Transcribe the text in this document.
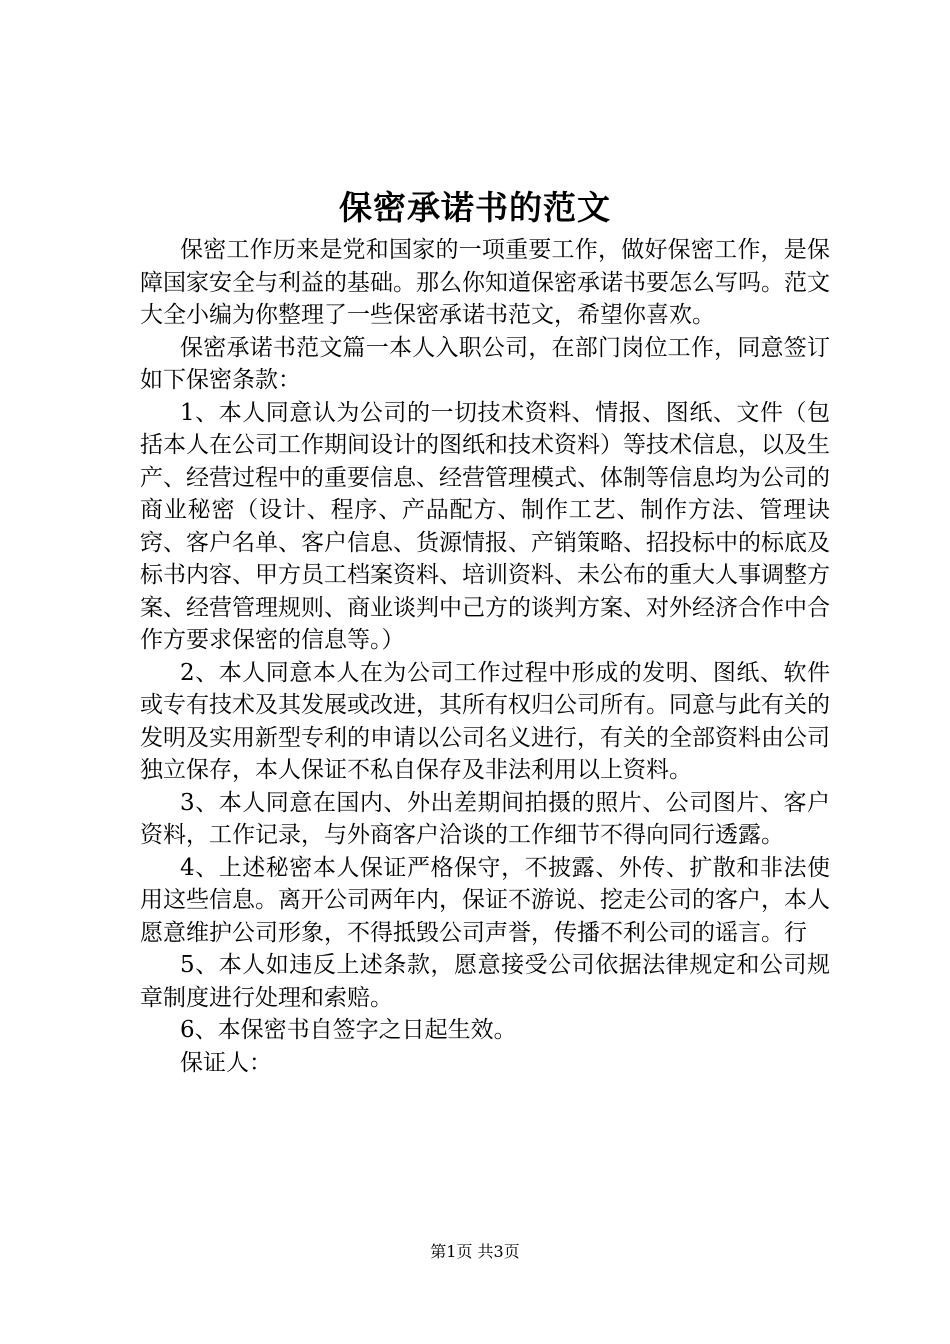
保密承诺书的范文

保密工作历来是党和国家的一项重要工作，做好保密工作，是保障国家安全与利益的基础。那么你知道保密承诺书要怎么写吗。范文大全小编为你整理了一些保密承诺书范文，希望你喜欢。

保密承诺书范文篇一本人入职公司，在部门岗位工作，同意签订如下保密条款：

1、本人同意认为公司的一切技术资料、情报、图纸、文件（包括本人在公司工作期间设计的图纸和技术资料）等技术信息，以及生产、经营过程中的重要信息、经营管理模式、体制等信息均为公司的商业秘密（设计、程序、产品配方、制作工艺、制作方法、管理诀窍、客户名单、客户信息、货源情报、产销策略、招投标中的标底及标书内容、甲方员工档案资料、培训资料、未公布的重大人事调整方案、经营管理规则、商业谈判中己方的谈判方案、对外经济合作中合作方要求保密的信息等。）

2、本人同意本人在为公司工作过程中形成的发明、图纸、软件或专有技术及其发展或改进，其所有权归公司所有。同意与此有关的发明及实用新型专利的申请以公司名义进行，有关的全部资料由公司独立保存，本人保证不私自保存及非法利用以上资料。

3、本人同意在国内、外出差期间拍摄的照片、公司图片、客户资料，工作记录，与外商客户洽谈的工作细节不得向同行透露。

4、上述秘密本人保证严格保守，不披露、外传、扩散和非法使用这些信息。离开公司两年内，保证不游说、挖走公司的客户，本人愿意维护公司形象，不得抵毁公司声誉，传播不利公司的谣言。行

5、本人如违反上述条款，愿意接受公司依据法律规定和公司规章制度进行处理和索赔。

6、本保密书自签字之日起生效。

保证人：

第1页 共3页
